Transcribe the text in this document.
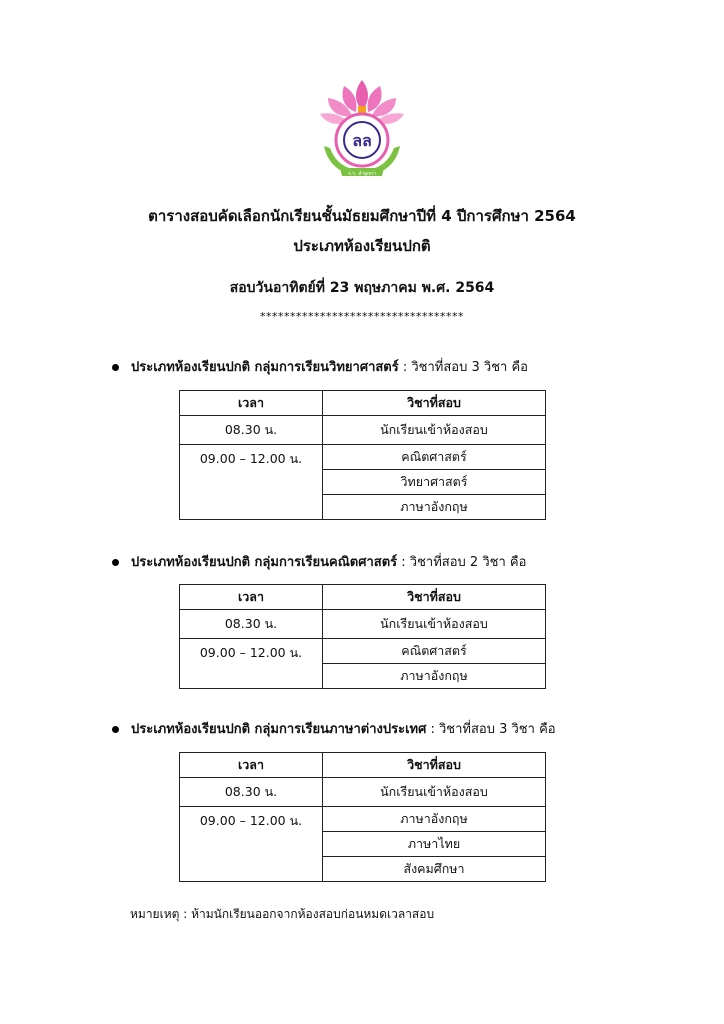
ลล
ร.ร. ลำลูกกา
ตารางสอบคัดเลือกนักเรียนชั้นมัธยมศึกษาปีที่ 4 ปีการศึกษา 2564
ประเภทห้องเรียนปกติ
สอบวันอาทิตย์ที่ 23 พฤษภาคม พ.ศ. 2564
**********************************
ประเภทห้องเรียนปกติ กลุ่มการเรียนวิทยาศาสตร์ : วิชาที่สอบ 3 วิชา คือ
เวลา	วิชาที่สอบ
08.30 น.	นักเรียนเข้าห้องสอบ
09.00 – 12.00 น.	คณิตศาสตร์
	วิทยาศาสตร์
	ภาษาอังกฤษ
ประเภทห้องเรียนปกติ กลุ่มการเรียนคณิตศาสตร์ : วิชาที่สอบ 2 วิชา คือ
เวลา	วิชาที่สอบ
08.30 น.	นักเรียนเข้าห้องสอบ
09.00 – 12.00 น.	คณิตศาสตร์
	ภาษาอังกฤษ
ประเภทห้องเรียนปกติ กลุ่มการเรียนภาษาต่างประเทศ : วิชาที่สอบ 3 วิชา คือ
เวลา	วิชาที่สอบ
08.30 น.	นักเรียนเข้าห้องสอบ
09.00 – 12.00 น.	ภาษาอังกฤษ
	ภาษาไทย
	สังคมศึกษา
หมายเหตุ : ห้ามนักเรียนออกจากห้องสอบก่อนหมดเวลาสอบ
